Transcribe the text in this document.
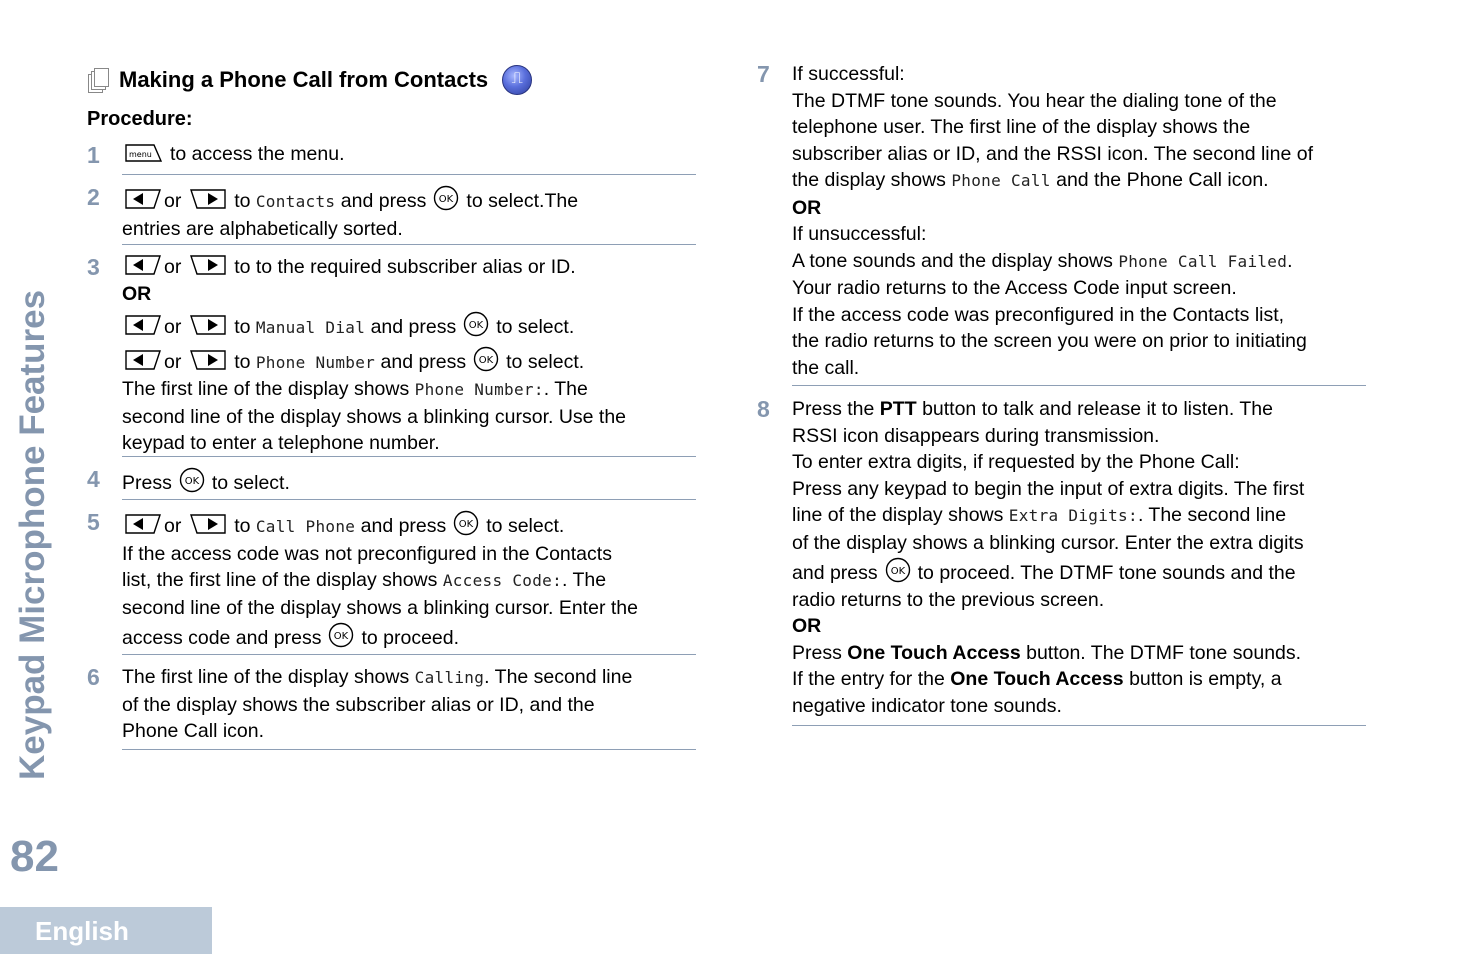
Keypad Microphone Features
82
English
Making a Phone Call from Contacts
⎍
Procedure:
1	menu to access the menu.

2	or	to Contacts and press OK to select.The

entries are alphabetically sorted.

3	or	to to the required subscriber alias or ID.

OR

or	to Manual Dial and press OK to select.

or	to Phone Number and press OK to select.

The first line of the display shows Phone Number:. The

second line of the display shows a blinking cursor. Use the

keypad to enter a telephone number.

4 Press OK to select.

5	or	to Call Phone and press OK to select.

If the access code was not preconfigured in the Contacts

list, the first line of the display shows Access Code:. The

second line of the display shows a blinking cursor. Enter the

access code and press OK to proceed.

6 The first line of the display shows Calling. The second line

of the display shows the subscriber alias or ID, and the

Phone Call icon.

7 If successful:

The DTMF tone sounds. You hear the dialing tone of the

telephone user. The first line of the display shows the

subscriber alias or ID, and the RSSI icon. The second line of

the display shows Phone Call and the Phone Call icon.

OR

If unsuccessful:

A tone sounds and the display shows Phone Call Failed.

Your radio returns to the Access Code input screen.

If the access code was preconfigured in the Contacts list,

the radio returns to the screen you were on prior to initiating

the call.

8 Press the PTT button to talk and release it to listen. The

RSSI icon disappears during transmission.

To enter extra digits, if requested by the Phone Call:

Press any keypad to begin the input of extra digits. The first

line of the display shows Extra Digits:. The second line

of the display shows a blinking cursor. Enter the extra digits

and press OK to proceed. The DTMF tone sounds and the

radio returns to the previous screen.

OR

Press One Touch Access button. The DTMF tone sounds.

If the entry for the One Touch Access button is empty, a

negative indicator tone sounds.
